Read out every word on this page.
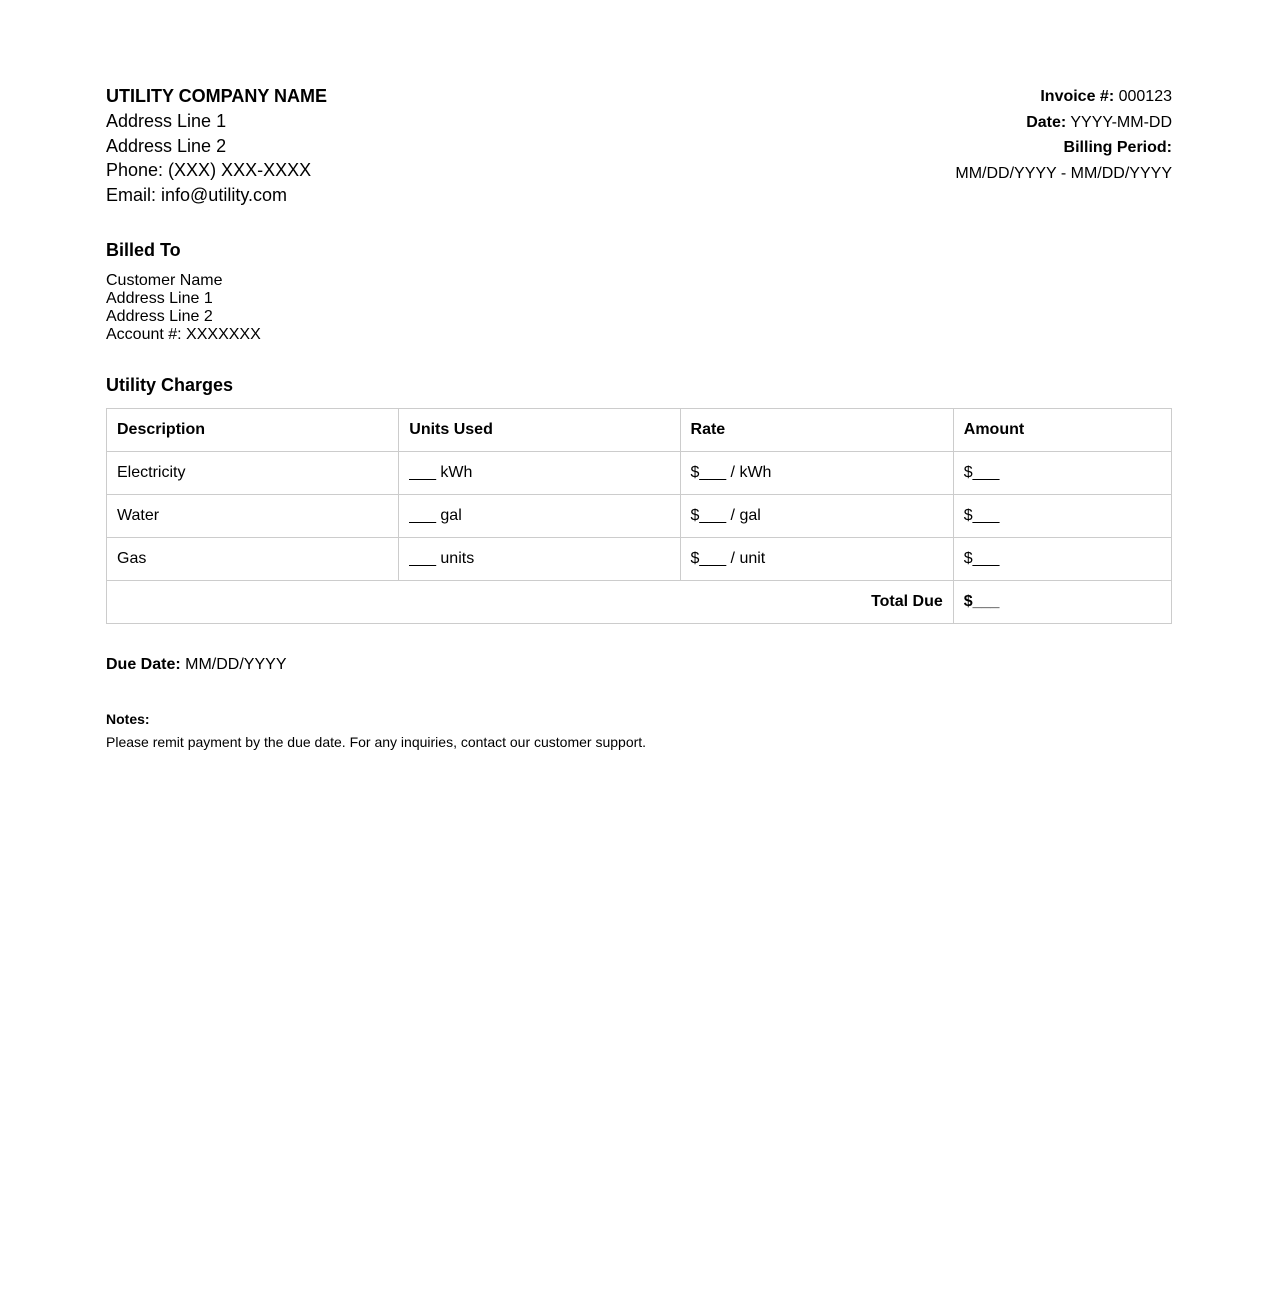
UTILITY COMPANY NAME
Address Line 1
Address Line 2
Phone: (XXX) XXX-XXXX
Email: info@utility.com
Invoice #: 000123
Date: YYYY-MM-DD
Billing Period:
MM/DD/YYYY - MM/DD/YYYY
Billed To
Customer Name
Address Line 1
Address Line 2
Account #: XXXXXXX
Utility Charges
Description	Units Used	Rate	Amount
Electricity	___ kWh	$___ / kWh	$___
Water	___ gal	$___ / gal	$___
Gas	___ units	$___ / unit	$___
Total Due			$___
Due Date: MM/DD/YYYY
Notes:
Please remit payment by the due date. For any inquiries, contact our customer support.
